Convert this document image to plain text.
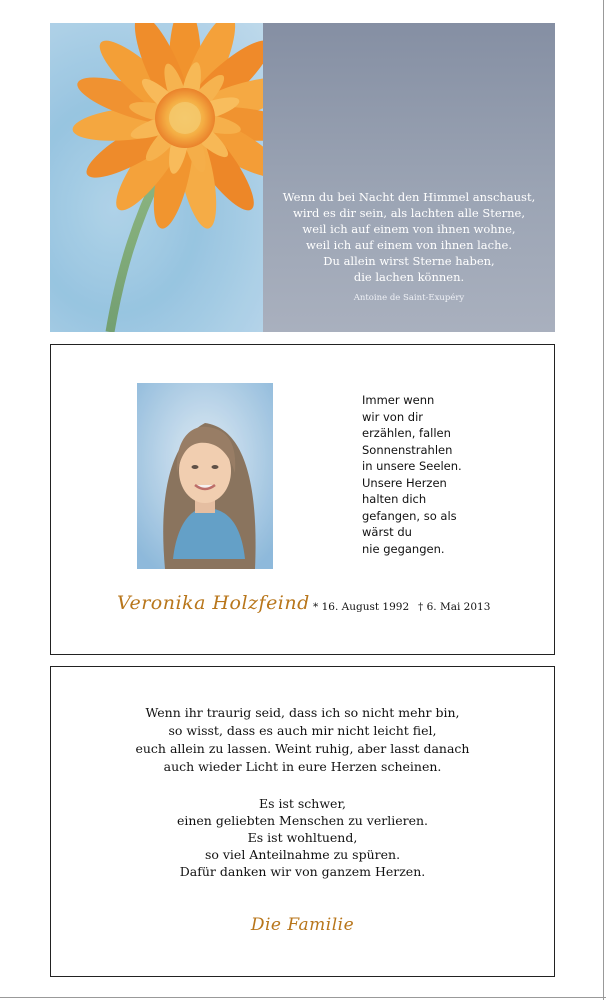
Wenn du bei Nacht den Himmel anschaust,
wird es dir sein, als lachten alle Sterne,
weil ich auf einem von ihnen wohne,
weil ich auf einem von ihnen lache.
Du allein wirst Sterne haben,
die lachen können.
Antoine de Saint-Exupéry
Immer wenn
wir von dir
erzählen, fallen
Sonnenstrahlen
in unsere Seelen.
Unsere Herzen
halten dich
gefangen, so als
wärst du
nie gegangen.
Veronika Holzfeind * 16. August 1992 † 6. Mai 2013
Wenn ihr traurig seid, dass ich so nicht mehr bin,
so wisst, dass es auch mir nicht leicht fiel,
euch allein zu lassen. Weint ruhig, aber lasst danach
auch wieder Licht in eure Herzen scheinen.
Es ist schwer,
einen geliebten Menschen zu verlieren.
Es ist wohltuend,
so viel Anteilnahme zu spüren.
Dafür danken wir von ganzem Herzen.
Die Familie
